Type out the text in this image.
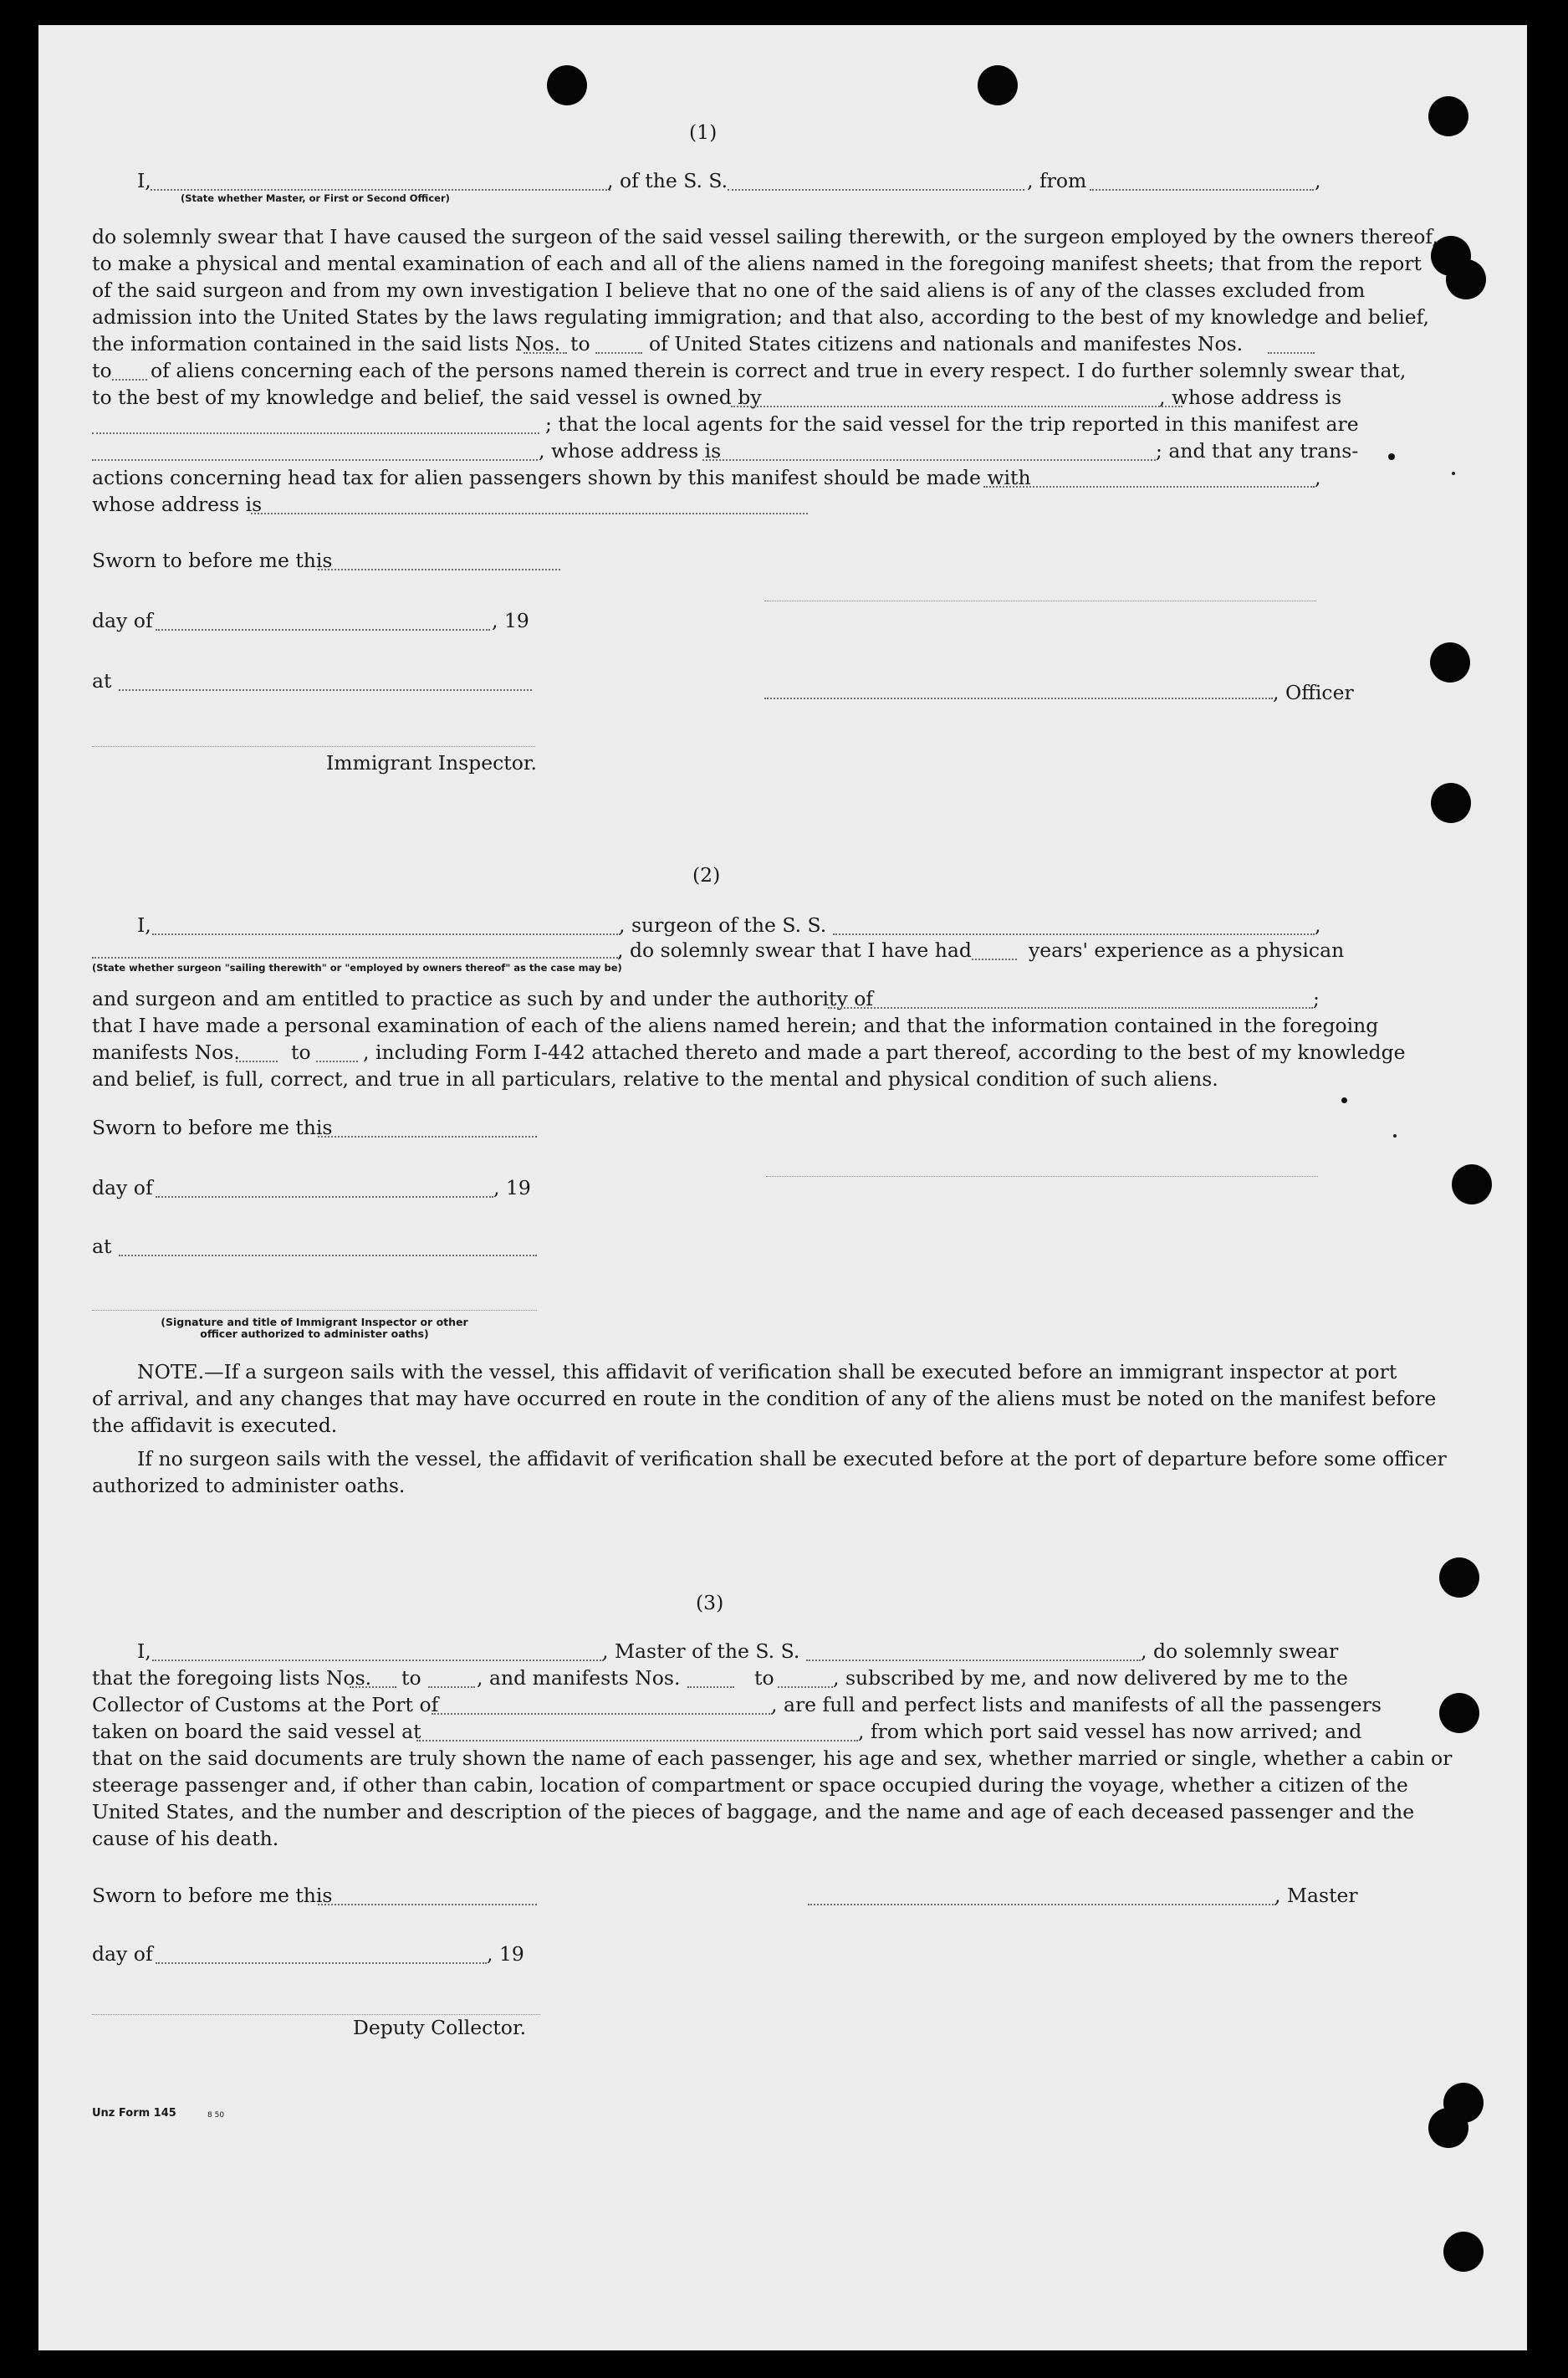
(1)
I,	, of the S. S.	, from	,
(State whether Master, or First or Second Officer)
do solemnly swear that I have caused the surgeon of the said vessel sailing therewith, or the surgeon employed by the owners thereof,
to make a physical and mental examination of each and all of the aliens named in the foregoing manifest sheets; that from the report
of the said surgeon and from my own investigation I believe that no one of the said aliens is of any of the classes excluded from
admission into the United States by the laws regulating immigration; and that also, according to the best of my knowledge and belief,
the information contained in the said lists Nos. to	of United States citizens and nationals and manifestes Nos.
to of aliens concerning each of the persons named therein is correct and true in every respect. I do further solemnly swear that,
to the best of my knowledge and belief, the said vessel is owned by	, whose address is
; that the local agents for the said vessel for the trip reported in this manifest are
, whose address is	; and that any trans-
actions concerning head tax for alien passengers shown by this manifest should be made with	,
whose address is
Sworn to before me this
day of	, 19
at	, Officer
Immigrant Inspector.
(2)
I,	, surgeon of the S. S.	,
, do solemnly swear that I have had	years' experience as a physican
(State whether surgeon "sailing therewith" or "employed by owners thereof" as the case may be)
and surgeon and am entitled to practice as such by and under the authority of	;
that I have made a personal examination of each of the aliens named herein; and that the information contained in the foregoing
manifests Nos.	to	, including Form I-442 attached thereto and made a part thereof, according to the best of my knowledge
and belief, is full, correct, and true in all particulars, relative to the mental and physical condition of such aliens.
Sworn to before me this
day of	, 19
at
(Signature and title of Immigrant Inspector or other
officer authorized to administer oaths)
NOTE.—If a surgeon sails with the vessel, this affidavit of verification shall be executed before an immigrant inspector at port
of arrival, and any changes that may have occurred en route in the condition of any of the aliens must be noted on the manifest before
the affidavit is executed.
If no surgeon sails with the vessel, the affidavit of verification shall be executed before at the port of departure before some officer
authorized to administer oaths.
(3)
I,	, Master of the S. S.	, do solemnly swear
that the foregoing lists Nos. to	, and manifests Nos.	to	, subscribed by me, and now delivered by me to the
Collector of Customs at the Port of	, are full and perfect lists and manifests of all the passengers
taken on board the said vessel at	, from which port said vessel has now arrived; and
that on the said documents are truly shown the name of each passenger, his age and sex, whether married or single, whether a cabin or
steerage passenger and, if other than cabin, location of compartment or space occupied during the voyage, whether a citizen of the
United States, and the number and description of the pieces of baggage, and the name and age of each deceased passenger and the
cause of his death.
Sworn to before me this	, Master
day of	, 19
Deputy Collector.
Unz Form 145	8 50
